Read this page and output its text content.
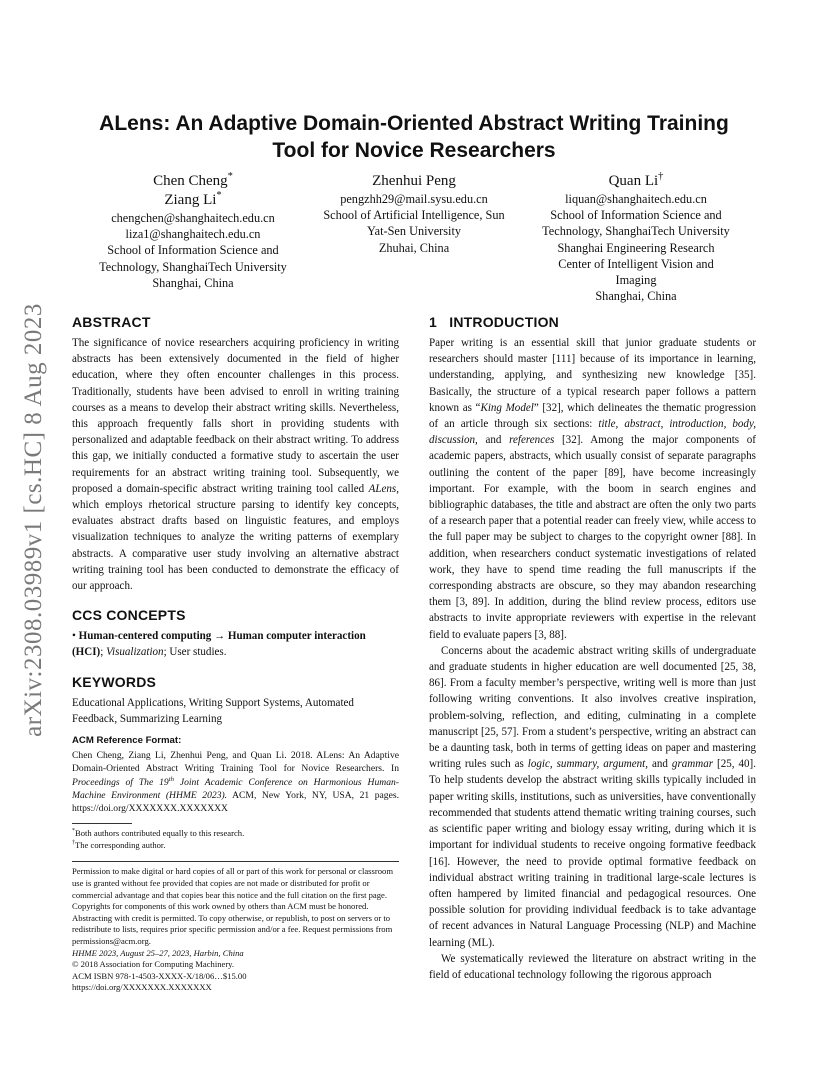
arXiv:2308.03989v1 [cs.HC] 8 Aug 2023
ALens: An Adaptive Domain-Oriented Abstract Writing Training
Tool for Novice Researchers
Chen Cheng*
Ziang Li*
chengchen@shanghaitech.edu.cn
liza1@shanghaitech.edu.cn
School of Information Science and
Technology, ShanghaiTech University
Shanghai, China
Zhenhui Peng
pengzhh29@mail.sysu.edu.cn
School of Artificial Intelligence, Sun
Yat-Sen University
Zhuhai, China
Quan Li†
liquan@shanghaitech.edu.cn
School of Information Science and
Technology, ShanghaiTech University
Shanghai Engineering Research
Center of Intelligent Vision and
Imaging
Shanghai, China
ABSTRACT

The significance of novice researchers acquiring proficiency in writing abstracts has been extensively documented in the field of higher education, where they often encounter challenges in this process. Traditionally, students have been advised to enroll in writing training courses as a means to develop their abstract writing skills. Nevertheless, this approach frequently falls short in providing students with personalized and adaptable feedback on their abstract writing. To address this gap, we initially conducted a formative study to ascertain the user requirements for an abstract writing training tool. Subsequently, we proposed a domain-specific abstract writing training tool called ALens, which employs rhetorical structure parsing to identify key concepts, evaluates abstract drafts based on linguistic features, and employs visualization techniques to analyze the writing patterns of exemplary abstracts. A comparative user study involving an alternative abstract writing training tool has been conducted to demonstrate the efficacy of our approach.

CCS CONCEPTS

• Human-centered computing → Human computer interaction (HCI); Visualization; User studies.

KEYWORDS

Educational Applications, Writing Support Systems, Automated Feedback, Summarizing Learning

ACM Reference Format:

Chen Cheng, Ziang Li, Zhenhui Peng, and Quan Li. 2018. ALens: An Adaptive Domain-Oriented Abstract Writing Training Tool for Novice Researchers. In Proceedings of The 19th Joint Academic Conference on Harmonious Human-Machine Environment (HHME 2023). ACM, New York, NY, USA, 21 pages. https://doi.org/XXXXXXX.XXXXXXX

*Both authors contributed equally to this research.
†The corresponding author.
Permission to make digital or hard copies of all or part of this work for personal or classroom use is granted without fee provided that copies are not made or distributed for profit or commercial advantage and that copies bear this notice and the full citation on the first page. Copyrights for components of this work owned by others than ACM must be honored. Abstracting with credit is permitted. To copy otherwise, or republish, to post on servers or to redistribute to lists, requires prior specific permission and/or a fee. Request permissions from permissions@acm.org.
HHME 2023, August 25–27, 2023, Harbin, China
© 2018 Association for Computing Machinery.
ACM ISBN 978-1-4503-XXXX-X/18/06…$15.00
https://doi.org/XXXXXXX.XXXXXXX
1   INTRODUCTION

Paper writing is an essential skill that junior graduate students or researchers should master [111] because of its importance in learning, understanding, applying, and synthesizing new knowledge [35]. Basically, the structure of a typical research paper follows a pattern known as “King Model” [32], which delineates the thematic progression of an article through six sections: title, abstract, introduction, body, discussion, and references [32]. Among the major components of academic papers, abstracts, which usually consist of separate paragraphs outlining the content of the paper [89], have become increasingly important. For example, with the boom in search engines and bibliographic databases, the title and abstract are often the only two parts of a research paper that a potential reader can freely view, while access to the full paper may be subject to charges to the copyright owner [88]. In addition, when researchers conduct systematic investigations of related work, they have to spend time reading the full manuscripts if the corresponding abstracts are obscure, so they may abandon researching them [3, 89]. In addition, during the blind review process, editors use abstracts to invite appropriate reviewers with expertise in the relevant field to evaluate papers [3, 88].

Concerns about the academic abstract writing skills of undergraduate and graduate students in higher education are well documented [25, 38, 86]. From a faculty member’s perspective, writing well is more than just following writing conventions. It also involves creative inspiration, problem-solving, reflection, and editing, culminating in a complete manuscript [25, 57]. From a student’s perspective, writing an abstract can be a daunting task, both in terms of getting ideas on paper and mastering writing rules such as logic, summary, argument, and grammar [25, 40]. To help students develop the abstract writing skills typically included in paper writing skills, institutions, such as universities, have conventionally recommended that students attend thematic writing training courses, such as scientific paper writing and biology essay writing, during which it is important for individual students to receive ongoing formative feedback [16]. However, the need to provide optimal formative feedback on individual abstract writing training in traditional large-scale lectures is often hampered by limited financial and pedagogical resources. One possible solution for providing individual feedback is to take advantage of recent advances in Natural Language Processing (NLP) and Machine learning (ML).

We systematically reviewed the literature on abstract writing in the field of educational technology following the rigorous approach
